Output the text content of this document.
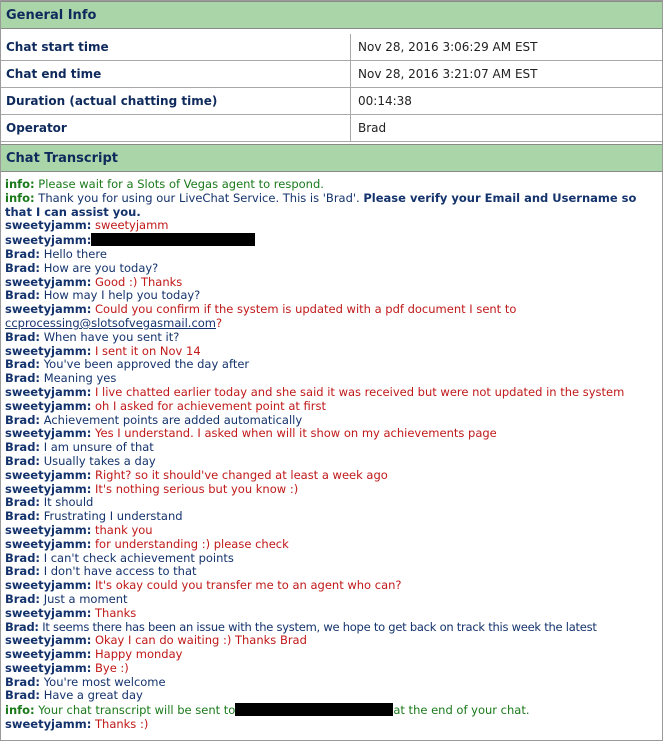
General Info
Chat start time	Nov 28, 2016 3:06:29 AM EST
Chat end time	Nov 28, 2016 3:21:07 AM EST
Duration (actual chatting time)	00:14:38
Operator	Brad
Chat Transcript
info: Please wait for a Slots of Vegas agent to respond.
info: Thank you for using our LiveChat Service. This is 'Brad'. Please verify your Email and Username so that I can assist you.
sweetyjamm: sweetyjamm
sweetyjamm:
Brad: Hello there
Brad: How are you today?
sweetyjamm: Good :) Thanks
Brad: How may I help you today?
sweetyjamm: Could you confirm if the system is updated with a pdf document I sent to
ccprocessing@slotsofvegasmail.com?
Brad: When have you sent it?
sweetyjamm: I sent it on Nov 14
Brad: You've been approved the day after
Brad: Meaning yes
sweetyjamm: I live chatted earlier today and she said it was received but were not updated in the system
sweetyjamm: oh I asked for achievement point at first
Brad: Achievement points are added automatically
sweetyjamm: Yes I understand. I asked when will it show on my achievements page
Brad: I am unsure of that
Brad: Usually takes a day
sweetyjamm: Right? so it should've changed at least a week ago
sweetyjamm: It's nothing serious but you know :)
Brad: It should
Brad: Frustrating I understand
sweetyjamm: thank you
sweetyjamm: for understanding :) please check
Brad: I can't check achievement points
Brad: I don't have access to that
sweetyjamm: It's okay could you transfer me to an agent who can?
Brad: Just a moment
sweetyjamm: Thanks
Brad: It seems there has been an issue with the system, we hope to get back on track this week the latest
sweetyjamm: Okay I can do waiting :) Thanks Brad
sweetyjamm: Happy monday
sweetyjamm: Bye :)
Brad: You're most welcome
Brad: Have a great day
info: Your chat transcript will be sent to	at the end of your chat.
sweetyjamm: Thanks :)
